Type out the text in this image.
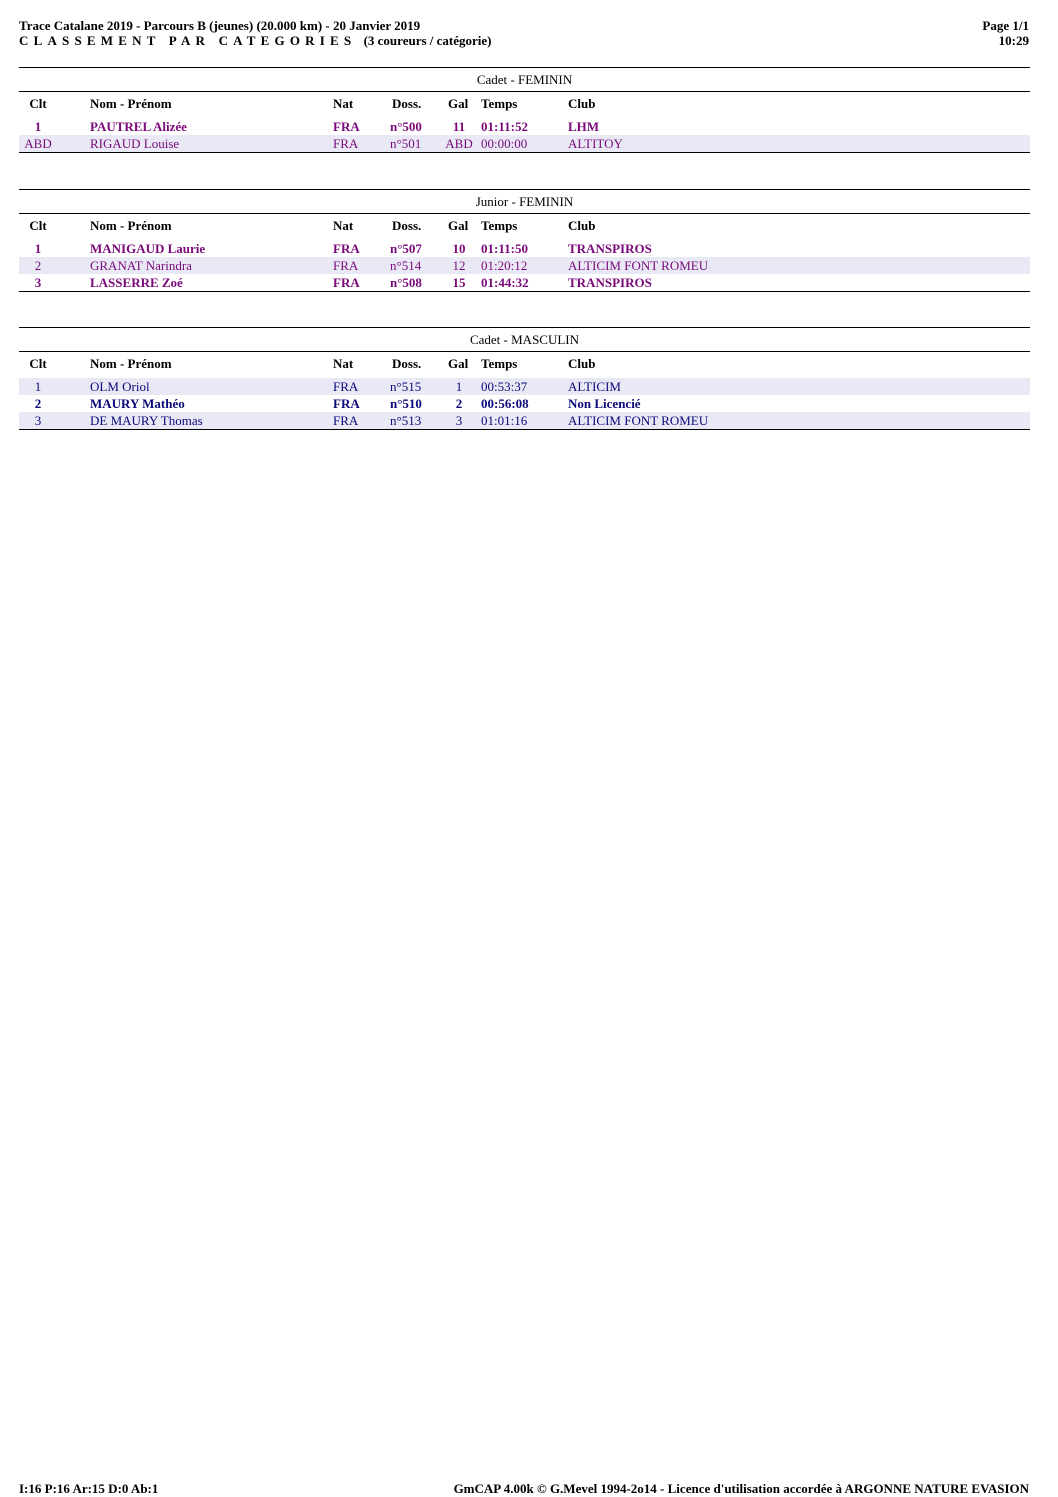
Trace Catalane 2019 - Parcours B (jeunes) (20.000 km) - 20 Janvier 2019
CLASSEMENT PAR CATEGORIES (3 coureurs / catégorie)
Page 1/1
10:29
Cadet - FEMININ
Clt	Nom - Prénom	Nat	Doss. Gal Temps	Club
1	PAUTREL Alizée	FRA n°500	11	01:11:52	LHM
ABD	RIGAUD Louise	FRA n°501	ABD 00:00:00	ALTITOY
Junior - FEMININ
Clt	Nom - Prénom	Nat	Doss. Gal Temps	Club
1	MANIGAUD Laurie	FRA n°507	10	01:11:50	TRANSPIROS
2	GRANAT Narindra	FRA n°514	12	01:20:12	ALTICIM FONT ROMEU
3	LASSERRE Zoé	FRA n°508	15	01:44:32	TRANSPIROS
Cadet - MASCULIN
Clt	Nom - Prénom	Nat	Doss. Gal Temps	Club
1	OLM Oriol	FRA n°515	1	00:53:37	ALTICIM
2	MAURY Mathéo	FRA n°510	2	00:56:08	Non Licencié
3	DE MAURY Thomas	FRA n°513	3	01:01:16	ALTICIM FONT ROMEU
I:16 P:16 Ar:15 D:0 Ab:1	GmCAP 4.00k © G.Mevel 1994-2o14 - Licence d'utilisation accordée à ARGONNE NATURE EVASION
